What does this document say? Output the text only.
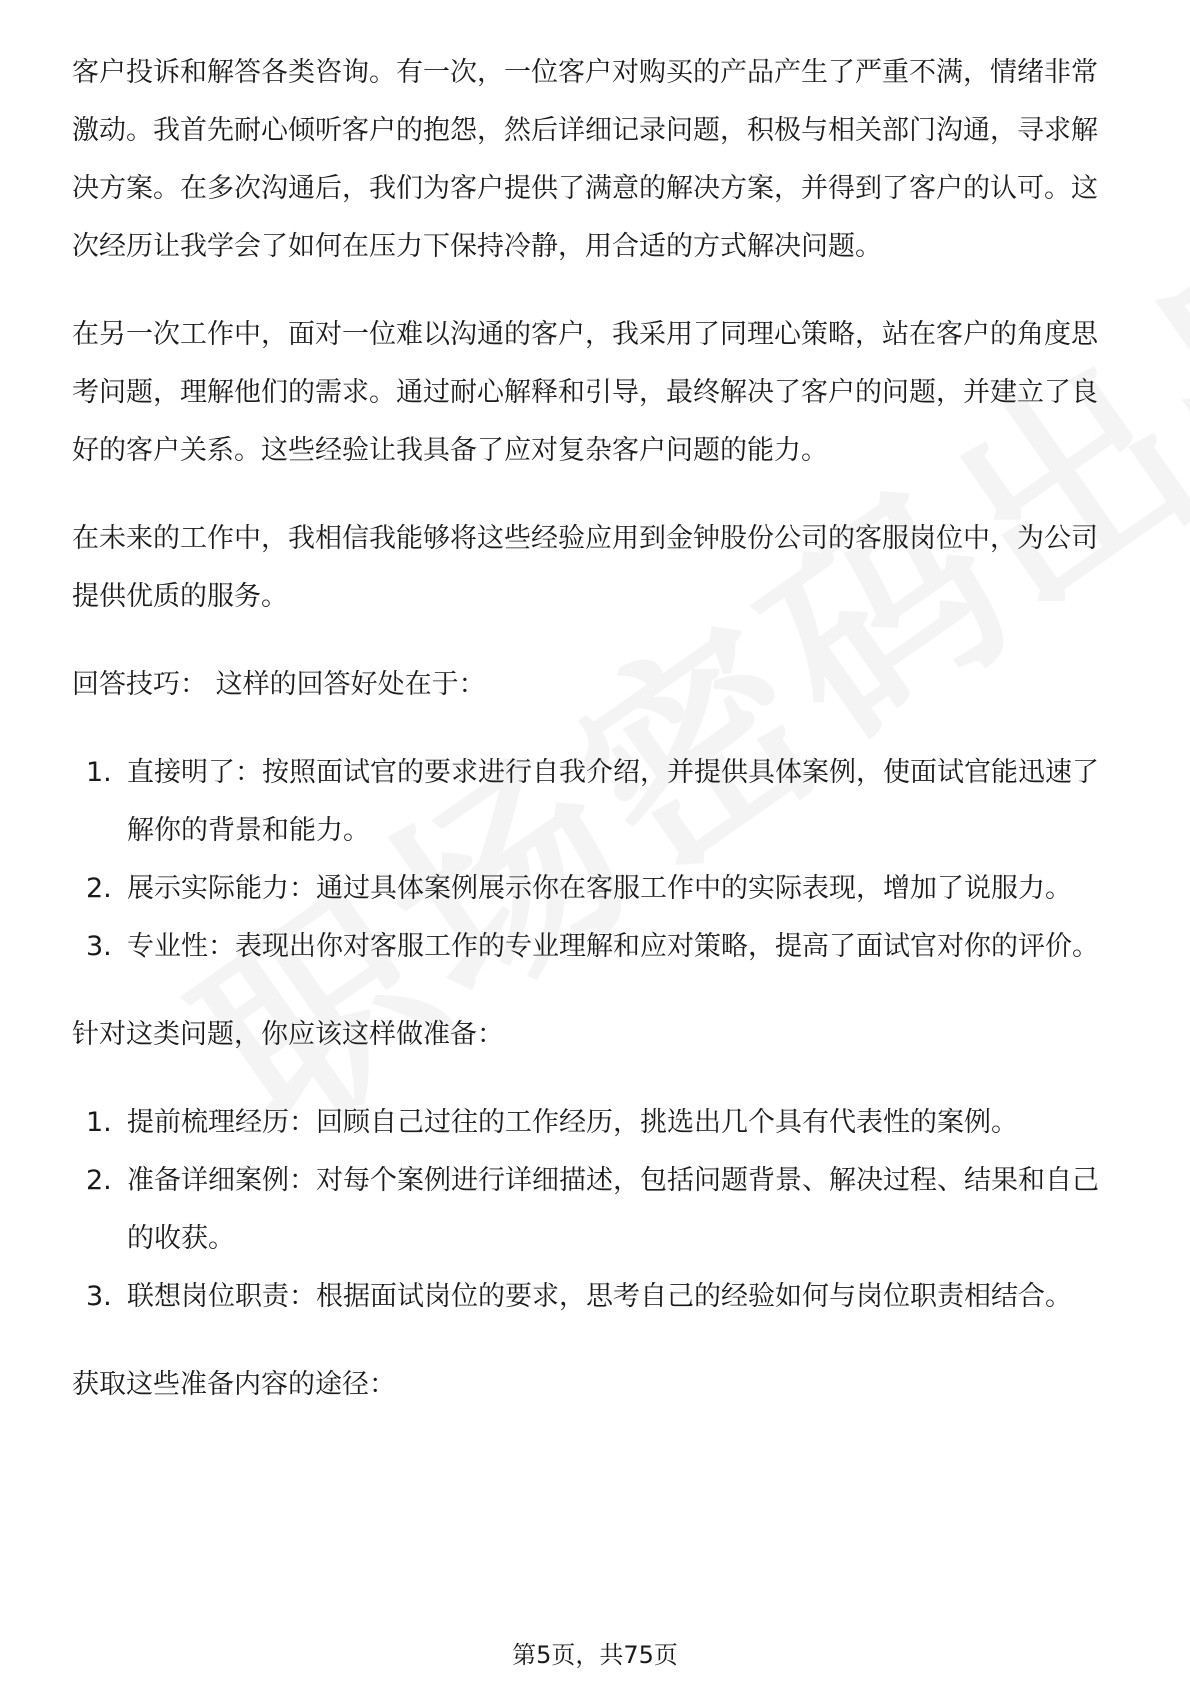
客户投诉和解答各类咨询。有一次，一位客户对购买的产品产生了严重不满，情绪非常激动。我首先耐心倾听客户的抱怨，然后详细记录问题，积极与相关部门沟通，寻求解决方案。在多次沟通后，我们为客户提供了满意的解决方案，并得到了客户的认可。这次经历让我学会了如何在压力下保持冷静，用合适的方式解决问题。

在另一次工作中，面对一位难以沟通的客户，我采用了同理心策略，站在客户的角度思考问题，理解他们的需求。通过耐心解释和引导，最终解决了客户的问题，并建立了良好的客户关系。这些经验让我具备了应对复杂客户问题的能力。

在未来的工作中，我相信我能够将这些经验应用到金钟股份公司的客服岗位中，为公司提供优质的服务。

回答技巧： 这样的回答好处在于：

1. 直接明了：按照面试官的要求进行自我介绍，并提供具体案例，使面试官能迅速了解你的背景和能力。
2. 展示实际能力：通过具体案例展示你在客服工作中的实际表现，增加了说服力。
3. 专业性：表现出你对客服工作的专业理解和应对策略，提高了面试官对你的评价。

针对这类问题，你应该这样做准备：

1. 提前梳理经历：回顾自己过往的工作经历，挑选出几个具有代表性的案例。
2. 准备详细案例：对每个案例进行详细描述，包括问题背景、解决过程、结果和自己的收获。
3. 联想岗位职责：根据面试岗位的要求，思考自己的经验如何与岗位职责相结合。

获取这些准备内容的途径：

第5页，共75页
